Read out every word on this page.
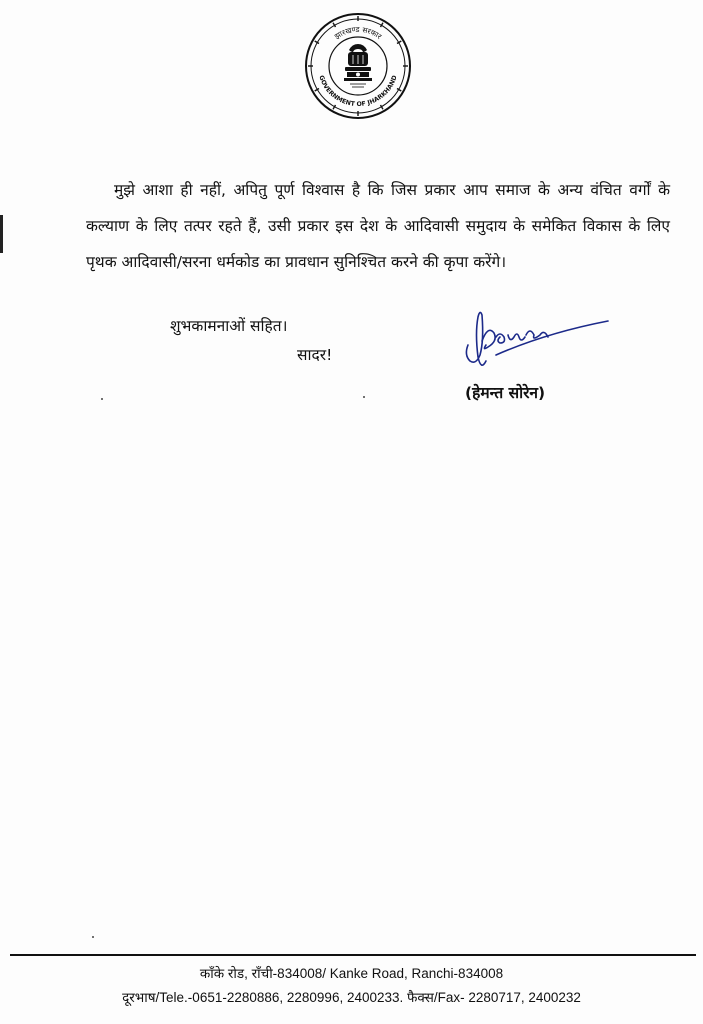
झारखण्ड सरकार
GOVERNMENT OF JHARKHAND

मुझे आशा ही नहीं, अपितु पूर्ण विश्वास है कि जिस प्रकार आप समाज के अन्य वंचित वर्गों के कल्याण के लिए तत्पर रहते हैं, उसी प्रकार इस देश के आदिवासी समुदाय के समेकित विकास के लिए पृथक आदिवासी/सरना धर्मकोड का प्रावधान सुनिश्चित करने की कृपा करेंगे।

शुभकामनाओं सहित।
सादर!
(हेमन्त सोरेन)
काँके रोड, राँची-834008/ Kanke Road, Ranchi-834008
दूरभाष/Tele.-0651-2280886, 2280996, 2400233. फैक्स/Fax- 2280717, 2400232
